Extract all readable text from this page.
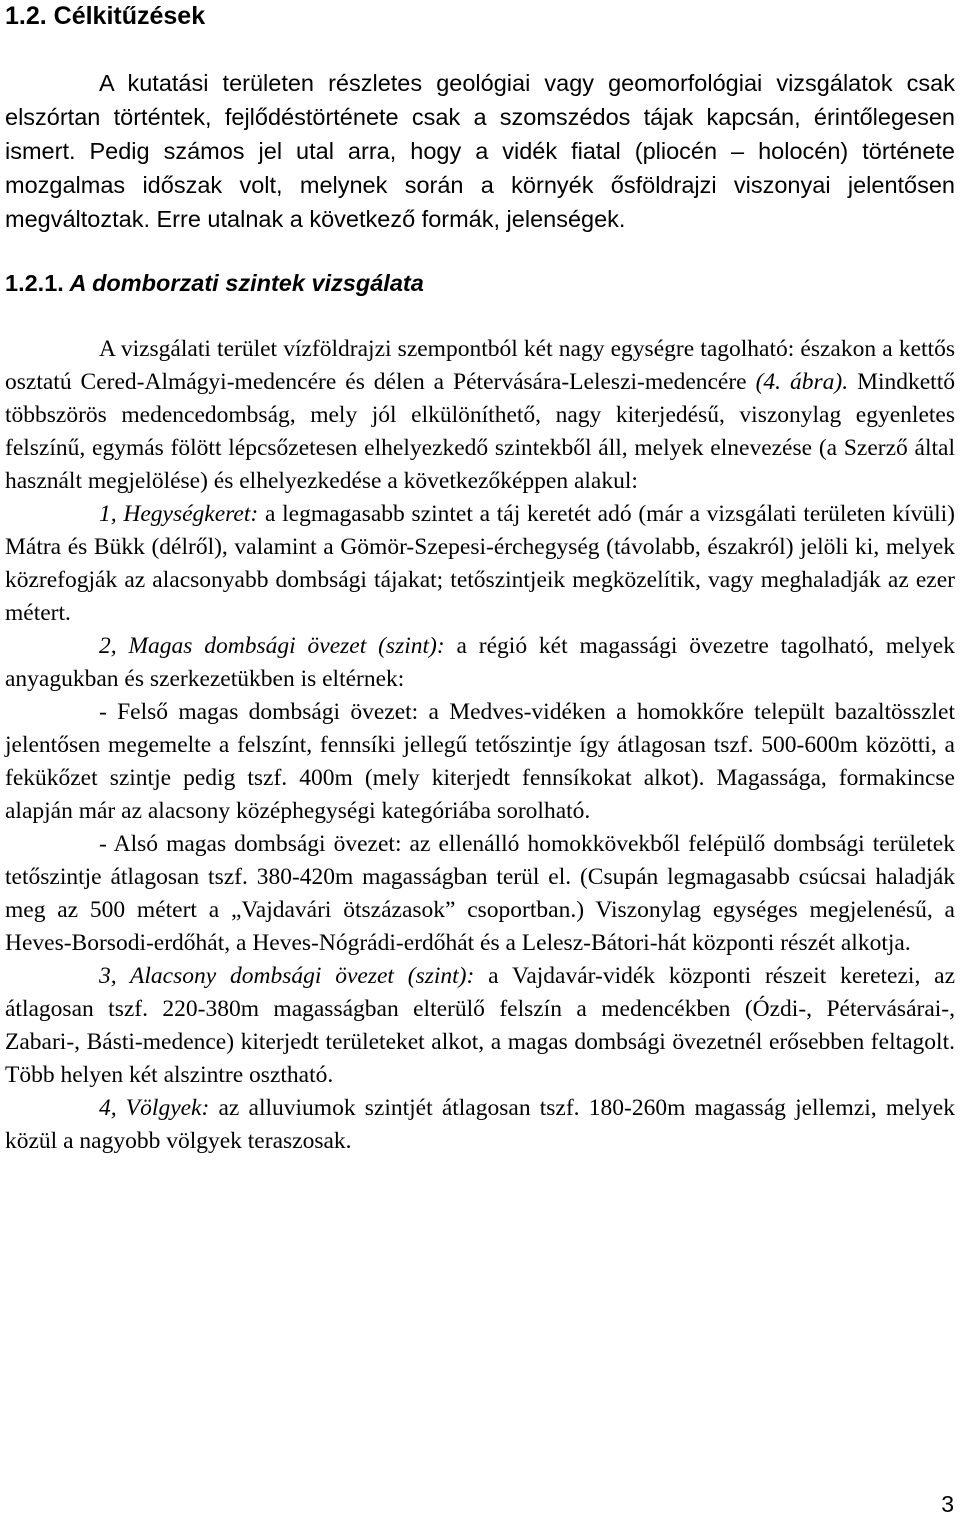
1.2. Célkitűzések

A kutatási területen részletes geológiai vagy geomorfológiai vizsgálatok csak elszórtan történtek, fejlődéstörténete csak a szomszédos tájak kapcsán, érintőlegesen ismert. Pedig számos jel utal arra, hogy a vidék fiatal (pliocén – holocén) története mozgalmas időszak volt, melynek során a környék ősföldrajzi viszonyai jelentősen megváltoztak. Erre utalnak a következő formák, jelenségek.

1.2.1. A domborzati szintek vizsgálata

A vizsgálati terület vízföldrajzi szempontból két nagy egységre tagolható: északon a kettős osztatú Cered-Almágyi-medencére és délen a Pétervására-Leleszi-medencére (4. ábra). Mindkettő többszörös medencedombság, mely jól elkülöníthető, nagy kiterjedésű, viszonylag egyenletes felszínű, egymás fölött lépcsőzetesen elhelyezkedő szintekből áll, melyek elnevezése (a Szerző által használt megjelölése) és elhelyezkedése a következőképpen alakul:

1, Hegységkeret: a legmagasabb szintet a táj keretét adó (már a vizsgálati területen kívüli) Mátra és Bükk (délről), valamint a Gömör-Szepesi-érchegység (távolabb, északról) jelöli ki, melyek közrefogják az alacsonyabb dombsági tájakat; tetőszintjeik megközelítik, vagy meghaladják az ezer métert.

2, Magas dombsági övezet (szint): a régió két magassági övezetre tagolható, melyek anyagukban és szerkezetükben is eltérnek:

- Felső magas dombsági övezet: a Medves-vidéken a homokkőre települt bazaltösszlet jelentősen megemelte a felszínt, fennsíki jellegű tetőszintje így átlagosan tszf. 500-600m közötti, a fekükőzet szintje pedig tszf. 400m (mely kiterjedt fennsíkokat alkot). Magassága, formakincse alapján már az alacsony középhegységi kategóriába sorolható.

- Alsó magas dombsági övezet: az ellenálló homokkövekből felépülő dombsági területek tetőszintje átlagosan tszf. 380-420m magasságban terül el. (Csupán legmagasabb csúcsai haladják meg az 500 métert a „Vajdavári ötszázasok” csoportban.) Viszonylag egységes megjelenésű, a Heves-Borsodi-erdőhát, a Heves-Nógrádi-erdőhát és a Lelesz-Bátori-hát központi részét alkotja.

3, Alacsony dombsági övezet (szint): a Vajdavár-vidék központi részeit keretezi, az átlagosan tszf. 220-380m magasságban elterülő felszín a medencékben (Ózdi-, Pétervásárai-, Zabari-, Básti-medence) kiterjedt területeket alkot, a magas dombsági övezetnél erősebben feltagolt. Több helyen két alszintre osztható.

4, Völgyek: az alluviumok szintjét átlagosan tszf. 180-260m magasság jellemzi, melyek közül a nagyobb völgyek teraszosak.

3
